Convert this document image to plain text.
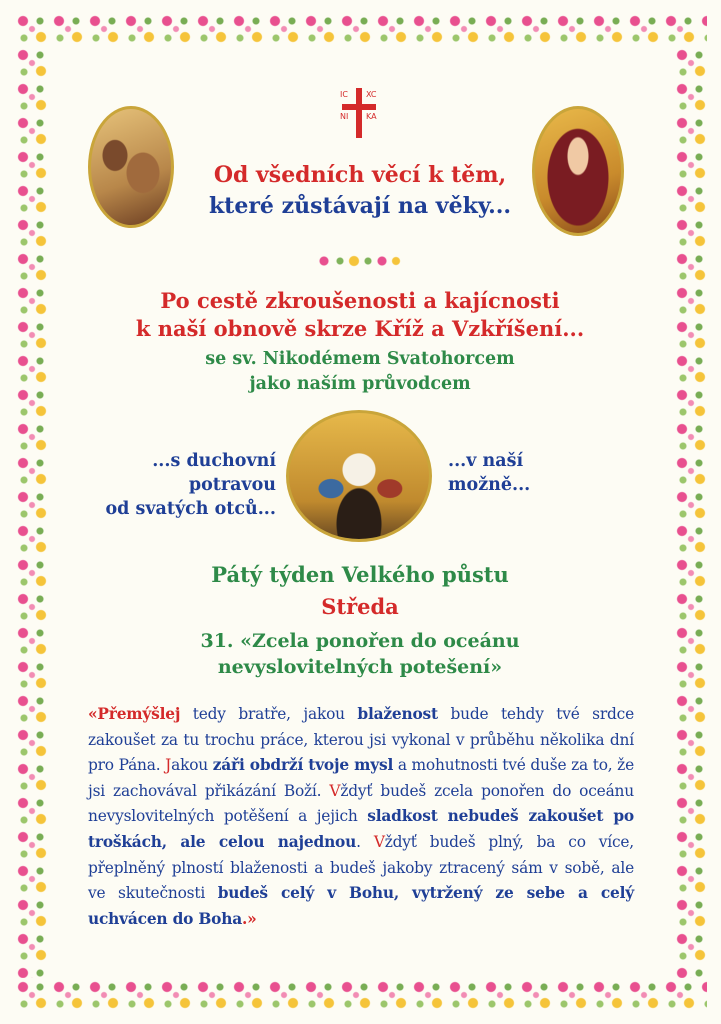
IC XC
NI KA

Od všedních věcí k těm,

které zůstávají na věky...

Po cestě zkroušenosti a kajícnosti

k naší obnově skrze Kříž a Vzkříšení...

se sv. Nikodémem Svatohorcem

jako naším průvodcem

...s duchovní

potravou

od svatých otců...

...v naší

možně...

Pátý týden Velkého půstu

Středa

31. «Zcela ponořen do oceánu

nevyslovitelných potešení»

«Přemýšlej tedy bratře, jakou blaženost bude tehdy tvé srdce zakoušet za tu trochu práce, kterou jsi vykonal v průběhu několika dní pro Pána. Jakou záři obdrží tvoje mysl a mohutnosti tvé duše za to, že jsi zachovával přikázání Boží. Vždyť budeš zcela ponořen do oceánu nevyslovitelných potěšení a jejich sladkost nebudeš zakoušet po troškách, ale celou najednou. Vždyť budeš plný, ba co více, přeplněný plností blaženosti a budeš jakoby ztracený sám v sobě, ale ve skutečnosti budeš celý v Bohu, vytržený ze sebe a celý uchvácen do Boha.»
